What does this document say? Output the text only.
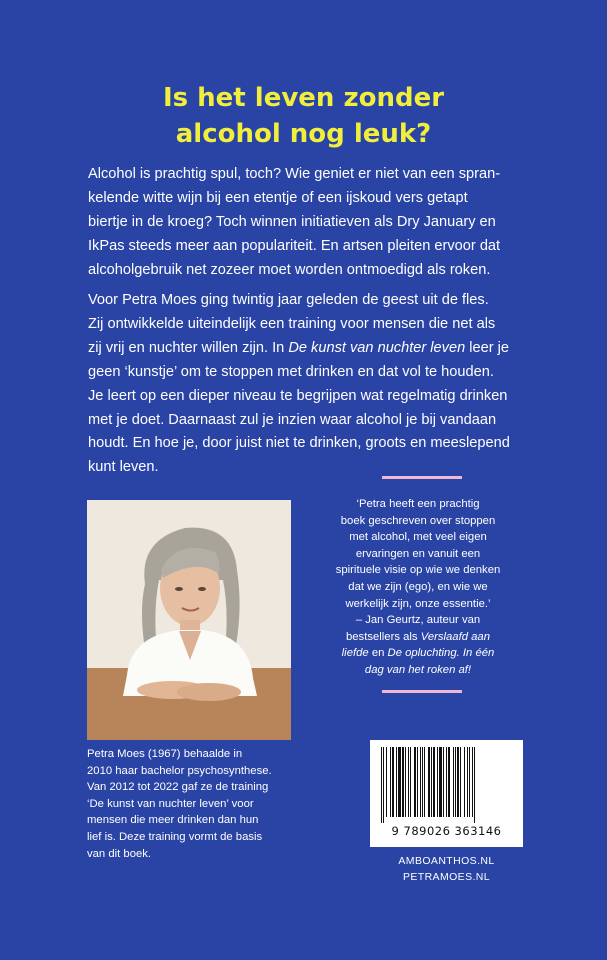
Is het leven zonder
alcohol nog leuk?
Alcohol is prachtig spul, toch? Wie geniet er niet van een spran-
kelende witte wijn bij een etentje of een ijskoud vers getapt
biertje in de kroeg? Toch winnen initiatieven als Dry January en
IkPas steeds meer aan populariteit. En artsen pleiten ervoor dat
alcoholgebruik net zozeer moet worden ontmoedigd als roken.
Voor Petra Moes ging twintig jaar geleden de geest uit de fles.
Zij ontwikkelde uiteindelijk een training voor mensen die net als
zij vrij en nuchter willen zijn. In De kunst van nuchter leven leer je
geen ‘kunstje’ om te stoppen met drinken en dat vol te houden.
Je leert op een dieper niveau te begrijpen wat regelmatig drinken
met je doet. Daarnaast zul je inzien waar alcohol je bij vandaan
houdt. En hoe je, door juist niet te drinken, groots en meeslepend
kunt leven.
Petra Moes (1967) behaalde in
2010 haar bachelor psychosynthese.
Van 2012 tot 2022 gaf ze de training
‘De kunst van nuchter leven’ voor
mensen die meer drinken dan hun
lief is. Deze training vormt de basis
van dit boek.
‘Petra heeft een prachtig
boek geschreven over stoppen
met alcohol, met veel eigen
ervaringen en vanuit een
spirituele visie op wie we denken
dat we zijn (ego), en wie we
werkelijk zijn, onze essentie.’
– Jan Geurtz, auteur van
bestsellers als Verslaafd aan
liefde en De opluchting. In één
dag van het roken af!
9 789026 363146

AMBOANTHOS.NL

PETRAMOES.NL
